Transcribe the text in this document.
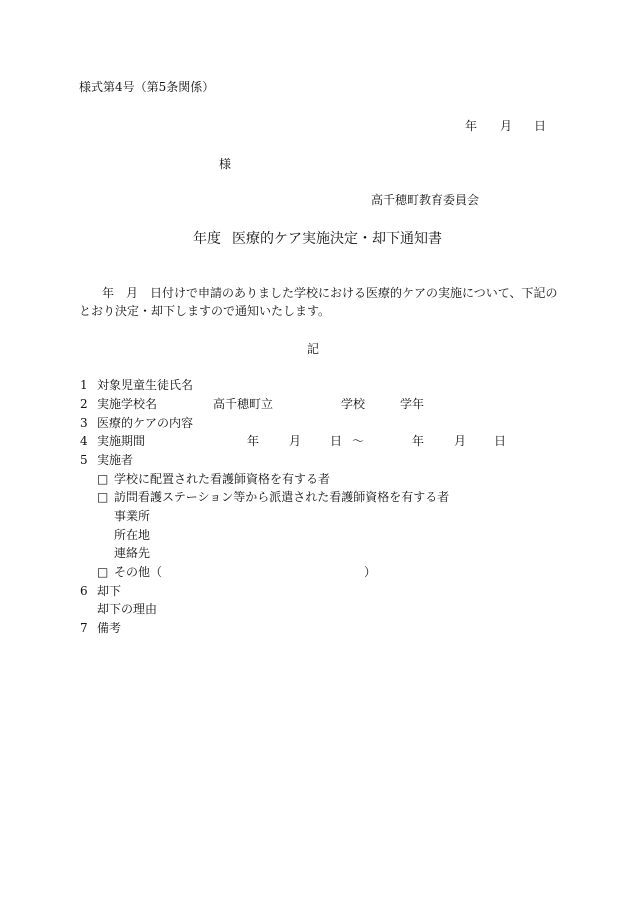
様式第4号（第5条関係）
年 月 日
様
高千穂町教育委員会
年度 医療的ケア実施決定・却下通知書
年　月　日付けで申請のありました学校における医療的ケアの実施について、下記の
とおり決定・却下しますので通知いたします。
記
1 対象児童生徒氏名
2 実施学校名	高千穂町立	学校	学年
3 医療的ケアの内容
4 実施期間	年 月 日 ～	年 月 日
5 実施者
□ 学校に配置された看護師資格を有する者
□ 訪問看護ステーション等から派遣された看護師資格を有する者
事業所
所在地
連絡先
□ その他 （	）
6 却下
却下の理由
7 備考
